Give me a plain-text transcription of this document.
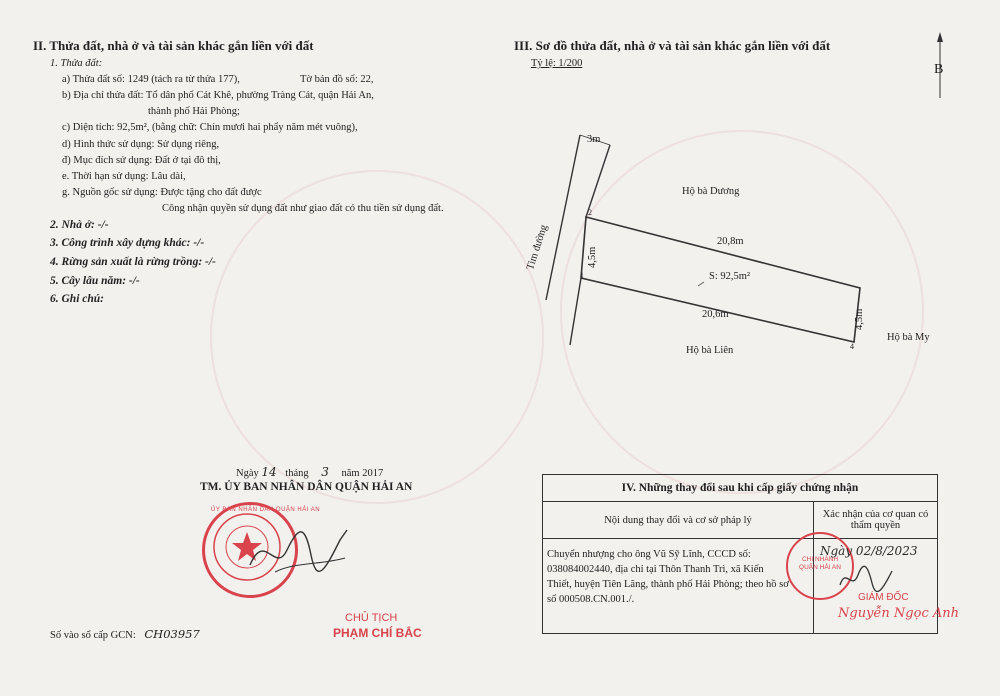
II. Thửa đất, nhà ở và tài sản khác gắn liền với đất
1. Thửa đất:
a) Thửa đất số: 1249 (tách ra từ thửa 177),	Tờ bản đồ số: 22,
b) Địa chỉ thửa đất: Tổ dân phố Cát Khê, phường Tràng Cát, quận Hải An,
thành phố Hải Phòng;
c) Diện tích: 92,5m², (bằng chữ: Chín mươi hai phẩy năm mét vuông),
d) Hình thức sử dụng: Sử dụng riêng,
đ) Mục đích sử dụng: Đất ở tại đô thị,
e. Thời hạn sử dụng: Lâu dài,
g. Nguồn gốc sử dụng: Được tặng cho đất được
Công nhận quyền sử dụng đất như giao đất có thu tiền sử dụng đất.
2. Nhà ở: -/-
3. Công trình xây dựng khác: -/-
4. Rừng sản xuất là rừng trồng: -/-
5. Cây lâu năm: -/-
6. Ghi chú:
Ngày 14 tháng 3 năm 2017
TM. ỦY BAN NHÂN DÂN QUẬN HẢI AN
ỦY BAN NHÂN DÂN QUẬN HẢI AN
CHỦ TỊCH
PHẠM CHÍ BẮC
Số vào sổ cấp GCN: CH03957
III. Sơ đồ thửa đất, nhà ở và tài sản khác gắn liền với đất
Tỷ lệ: 1/200	B
3m
Tim đường
2
1
4
4,5m
4,5m
20,8m
20,6m
S: 92,5m²
Hộ bà Dương
Hộ bà Liên
Hộ bà My
IV. Những thay đổi sau khi cấp giấy chứng nhận	
Nội dung thay đổi và cơ sở pháp lý	Xác nhận của cơ quan có thẩm quyền

Chuyển nhượng cho ông Vũ Sỹ Lĩnh, CCCD số:
038084002440, địa chỉ tại Thôn Thanh Trì, xã Kiến
Thiết, huyện Tiên Lãng, thành phố Hải Phòng; theo hồ sơ
số 000508.CN.001./.	

CHI NHÁNH QUẬN HẢI AN
Ngày 02/8/2023
GIÁM ĐỐC
Nguyễn Ngọc Anh
